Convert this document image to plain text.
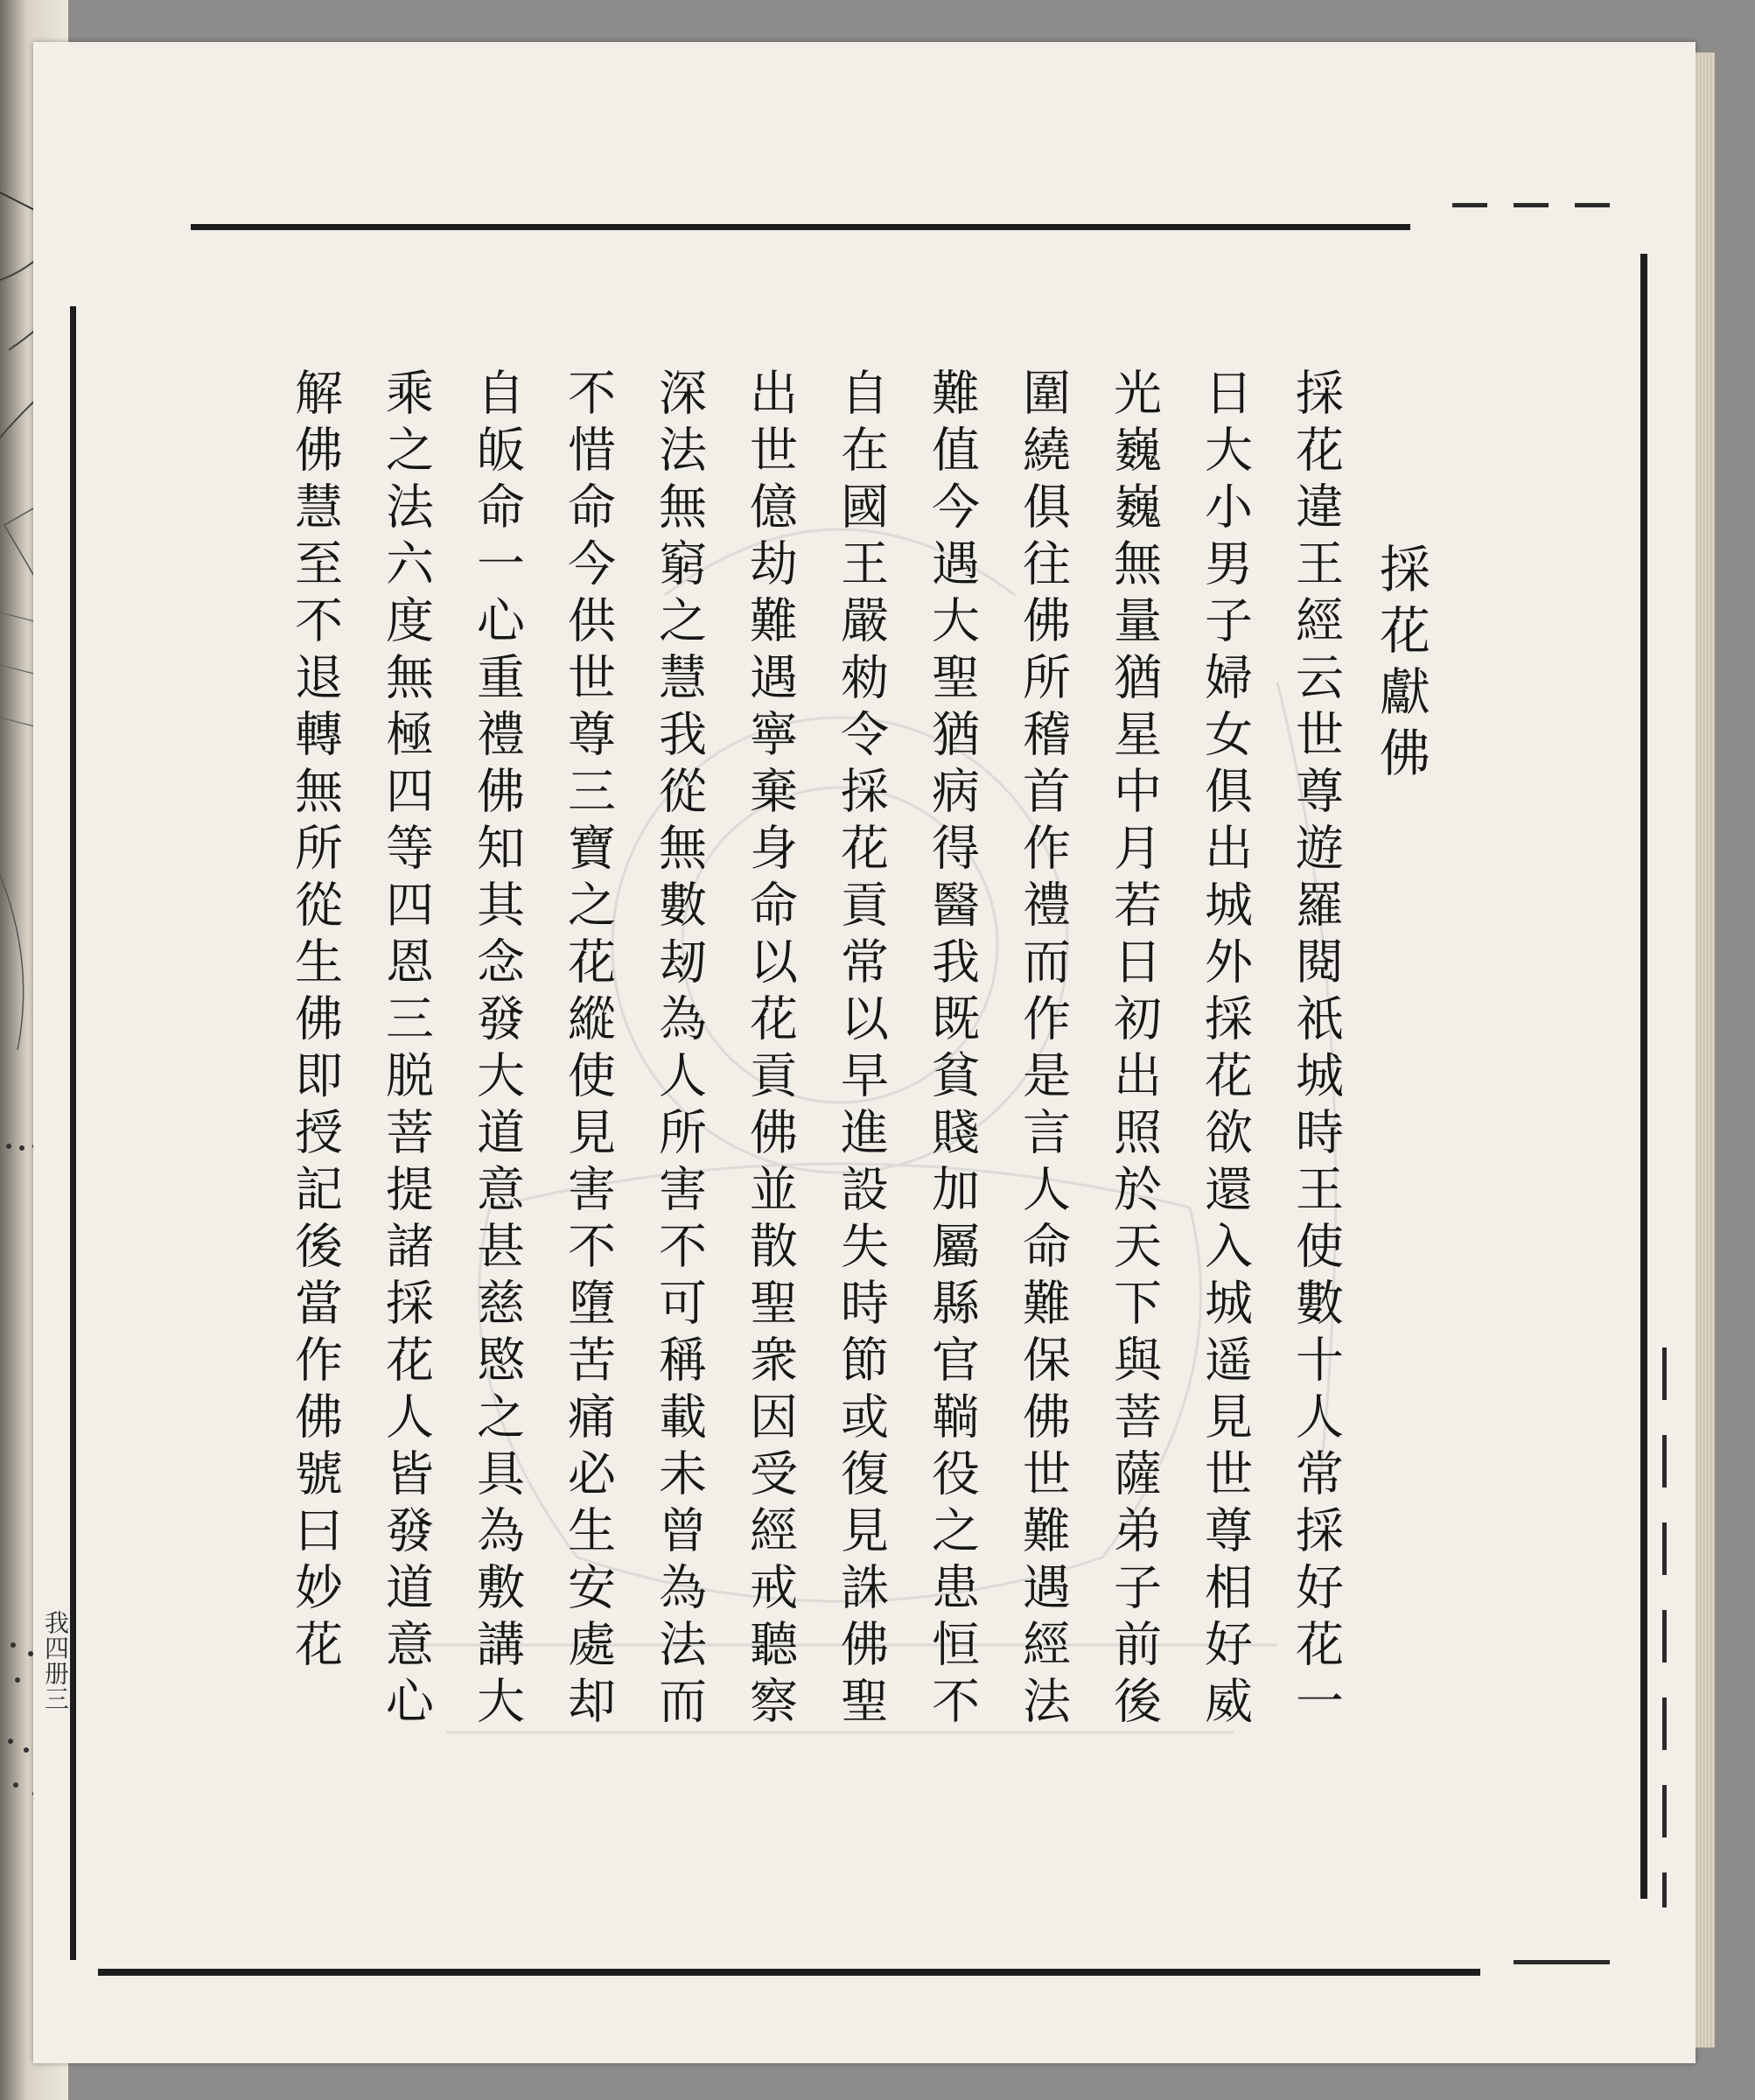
採花獻佛
採花違王經云世尊遊羅閱祇城時王使數十人常採好花一
日大小男子婦女俱出城外採花欲還入城遥見世尊相好威
光巍巍無量猶星中月若日初出照於天下與菩薩弟子前後
圍繞俱往佛所稽首作禮而作是言人命難保佛世難遇經法
難值今遇大聖猶病得醫我既貧賤加屬縣官鞝役之患恒不
自在國王嚴勑令採花貢常以早進設失時節或復見誅佛聖
出世億劫難遇寧棄身命以花貢佛並散聖衆因受經戒聽察
深法無窮之慧我從無數刼為人所害不可稱載未曾為法而
不惜命今供世尊三寶之花縱使見害不墮苦痛必生安處却
自皈命一心重禮佛知其念發大道意甚慈愍之具為敷講大
乘之法六度無極四等四恩三脱菩提諸採花人皆發道意心
解佛慧至不退轉無所從生佛即授記後當作佛號曰妙花
我四册三
